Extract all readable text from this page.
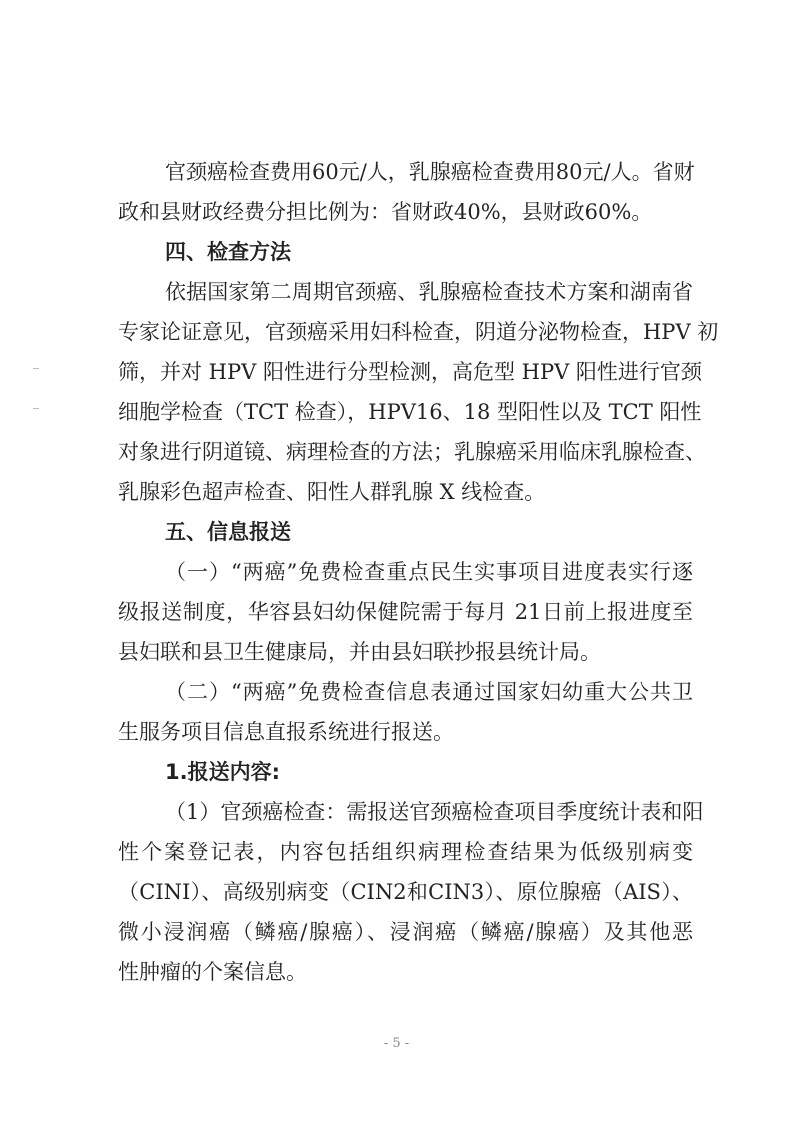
官颈癌检查费用60元/人，乳腺癌检查费用80元/人。省财
政和县财政经费分担比例为：省财政40%，县财政60%。
四、检查方法
依据国家第二周期官颈癌、乳腺癌检查技术方案和湖南省
专家论证意见，官颈癌采用妇科检查，阴道分泌物检查，HPV 初
筛，并对 HPV 阳性进行分型检测，高危型 HPV 阳性进行官颈
细胞学检查（TCT 检查），HPV16、18 型阳性以及 TCT 阳性
对象进行阴道镜、病理检查的方法；乳腺癌采用临床乳腺检查、
乳腺彩色超声检查、阳性人群乳腺 X 线检查。
五、信息报送
（一）“两癌”免费检查重点民生实事项目进度表实行逐
级报送制度，华容县妇幼保健院需于每月 21日前上报进度至
县妇联和县卫生健康局，并由县妇联抄报县统计局。
（二）“两癌”免费检查信息表通过国家妇幼重大公共卫
生服务项目信息直报系统进行报送。
1.报送内容:
（1）官颈癌检查：需报送官颈癌检查项目季度统计表和阳
性个案登记表，内容包括组织病理检查结果为低级别病变
（CINI）、高级别病变（CIN2和CIN3）、原位腺癌（AIS）、
微小浸润癌（鳞癌/腺癌）、浸润癌（鳞癌/腺癌）及其他恶
性肿瘤的个案信息。
- 5 -
